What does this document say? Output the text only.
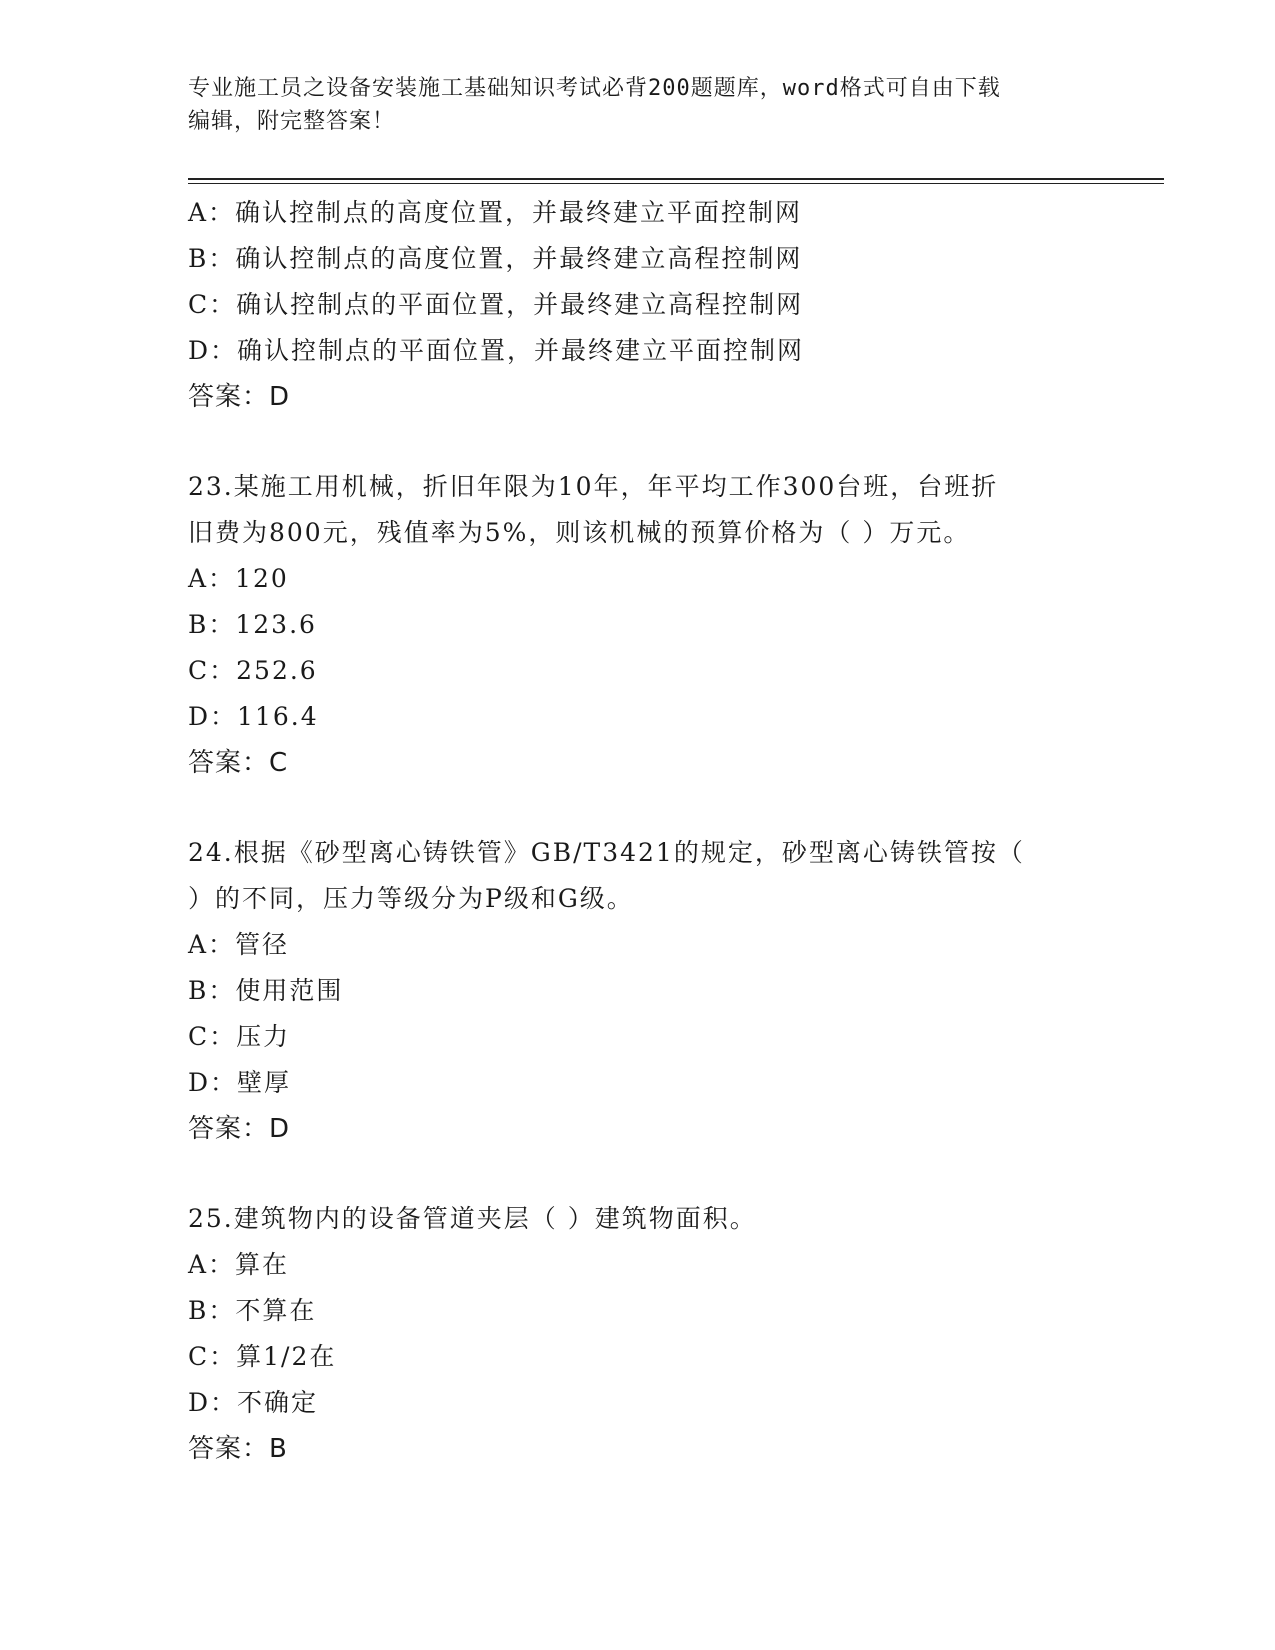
专业施工员之设备安装施工基础知识考试必背200题题库，word格式可自由下载
编辑，附完整答案！
A：确认控制点的高度位置，并最终建立平面控制网
B：确认控制点的高度位置，并最终建立高程控制网
C：确认控制点的平面位置，并最终建立高程控制网
D：确认控制点的平面位置，并最终建立平面控制网
答案：D
23.某施工用机械，折旧年限为10年，年平均工作300台班，台班折
旧费为800元，残值率为5%，则该机械的预算价格为（ ）万元。
A：120
B：123.6
C：252.6
D：116.4
答案：C
24.根据《砂型离心铸铁管》GB/T3421的规定，砂型离心铸铁管按（
）的不同，压力等级分为P级和G级。
A：管径
B：使用范围
C：压力
D：壁厚
答案：D
25.建筑物内的设备管道夹层（ ）建筑物面积。
A：算在
B：不算在
C：算1/2在
D：不确定
答案：B
